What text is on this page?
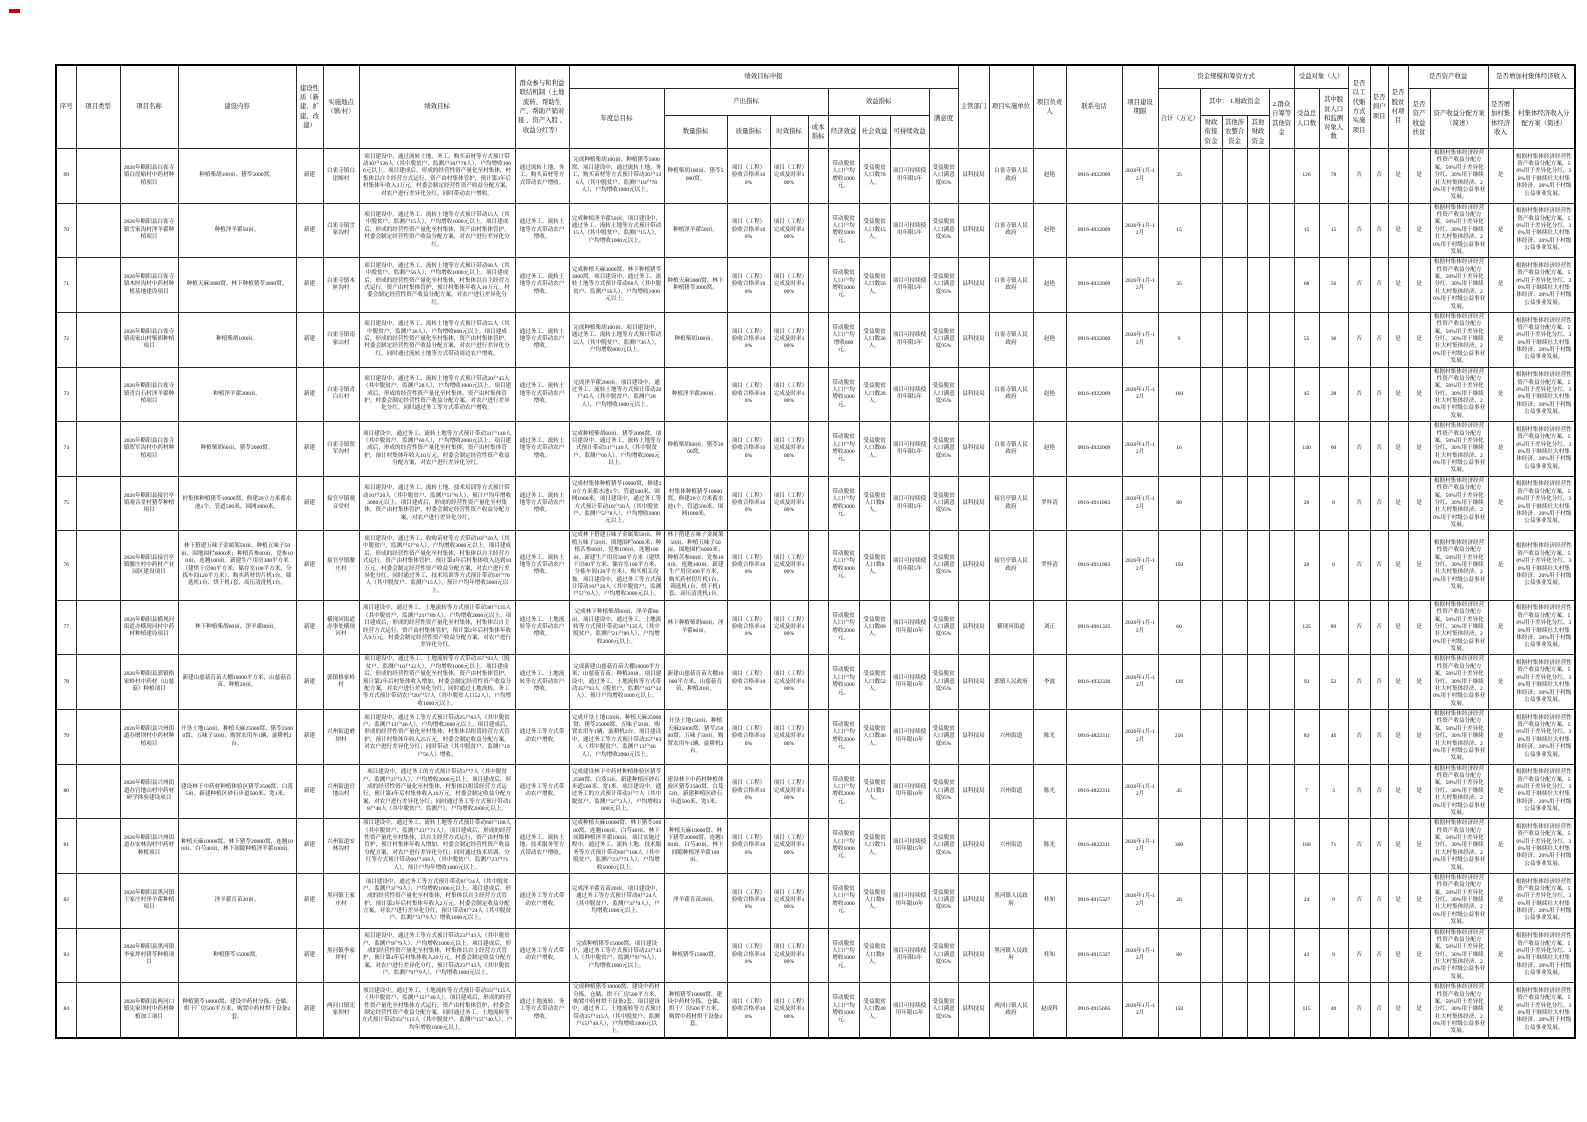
序号	项目类型	项目名称	建设内容	建设性质（新建、扩建、改建）	实施地点（镇/村）	绩效目标	群众参与和利益联结机制（土地流转、帮助生产、帮助产销对接 、资产入股 、收益分红等）	绩效目标申报									主管部门	项目实施单位	项目负责人	联系电话	项目建设期限	资金规模和筹资方式					受益对象（人）		是否以工代赈方式实施项目	是否到户项目	是否脱贫村项目	是否资产收益		是否增加村集体经济收入	
								年度总目标	产出指标				效益指标			满意度						合计（万元）	其中： 1.财政资金			2.群众自筹等其他资金	受益总人口数	其中脱贫人口和监测对象人数				是否资产收益扶贫	资产收益分配方案（简述）	是否增加村集体经济收入	村集体经济收入分配方案（简述）
									数量指标	质量指标	时效指标	成本指标	经济效益	社会效益	可持续效益								财政衔接资金	其他涉农整合资金	其他财政资金										
69		2026年略阳县白雀寺镇白崖峪村中药材种植项目	种植柴胡100亩、猪苓5000窝。	新建	白雀寺镇白崖峪村	项目建设中，通过流转土地、务工、购买苗材等方式预计带动30户126人（其中脱贫户、监测户18户78人），户均增收1000元以上。项目建成后，形成的经营性资产量化至村集体，村集体以自主经营方式运行，资产由村集体管护，预计第3年后村集体年收入3万元。村委会制定经营性资产收益分配方案，对农户进行差异化分红，同时带动农户增收。	通过流转土地、务工、购买苗材等方式带动农户增收。	完成种植柴胡100亩、种植猪苓5000窝，项目建设中，通过流转土地、务工、购买苗材等方式预计带动30户126人（其中脱贫户、监测户18户78人），户均增收1000元以上。	种植柴胡100亩、猪苓5000窝。	项目（工程）验收合格率100%	项目（工程）完成及时率100%		带动脱贫人口户均增收1000元。	受益脱贫人口数78人。	项目可持续使用年限5年	受益脱贫人口满意度95%	县科技局	白雀寺镇人民政府	赵艳	0916-4922009	2026年1月-12月	35					126	78	否	否	是	是	根据村集体经济经营性资产收益分配方案，50%用于差异化分红、30%用于继续壮大村集体经济、20%用于村级公益事业发展。	是	根据村集体经济经营性资产收益分配方案，50%用于差异化分红、30%用于继续壮大村集体经济、20%用于村级公益事业发展。
70		2026年略阳县白雀寺镇雪家沟村淫羊藿种植项目	种植淫羊藿50亩。	新建	白雀寺镇雪家沟村	项目建设中，通过务工、流转土地等方式预计带动15人（其中脱贫户、监测户15人），户均增收1000元以上。项目建成后，形成的经营性资产量化至村集体，资产由村集体管护，村委会制定经营性资产收益分配方案，对农户进行差异化分红。	通过务工、流转土地等方式带动农户增收。	完成种植淫羊藿50亩。项目建设中，通过务工、流转土地等方式预计带动15人（其中脱贫户、监测户15人），户均增收1000元以上。	种植淫羊藿50亩。	项目（工程）验收合格率100%	项目（工程）完成及时率100%		带动脱贫人口户均增收1000元。	受益脱贫人口数15人。	项目可持续使用年限5年	受益脱贫人口满意度95%	县科技局	白雀寺镇人民政府	赵艳	0916-4922009	2026年1月-12月	15					15	15	否	否	是	是	根据村集体经济经营性资产收益分配方案，50%用于差异化分红、30%用于继续壮大村集体经济、20%用于村级公益事业发展。	是	根据村集体经济经营性资产收益分配方案，50%用于差异化分红、30%用于继续壮大村集体经济、20%用于村级公益事业发展。
71		2026年略阳县白雀寺镇木匣沟村中药材种植基地建设项目	种植天麻3000窝、林下种植猪苓3000窝。	新建	白雀寺镇木匣沟村	项目建设中，通过务工、流转土地等方式预计带动68人（其中脱贫户、监测户56人），户均增收1000元以上。项目建成后，形成的经营性资产量化至村集体，村集体以自主经营方式运行，资产由村集体管护，预计村集体年收入10万元。村委会制定经营性资产收益分配方案，对农户进行差异化分红。	通过务工、流转土地等方式带动农户增收。	完成种植天麻3000窝、林下种植猪苓3000窝。项目建设中，通过务工、流转土地等方式预计带动68人（其中脱贫户、监测户56人），户均增收1000元以上。	种植天麻3000窝、林下种植猪苓3000窝。	项目（工程）验收合格率100%	项目（工程）完成及时率100%		带动脱贫人口户均增收1000元。	受益脱贫人口数56人。	项目可持续使用年限5年	受益脱贫人口满意度95%	县科技局	白雀寺镇人民政府	赵艳	0916-4922009	2026年1月-12月	35					68	56	否	否	是	是	根据村集体经济经营性资产收益分配方案，50%用于差异化分红、30%用于继续壮大村集体经济、20%用于村级公益事业发展。	是	根据村集体经济经营性资产收益分配方案，50%用于差异化分红、30%用于继续壮大村集体经济、20%用于村级公益事业发展。
72		2026年略阳县白雀寺镇南家山村柴胡种植项目	种植柴胡100亩。	新建	白雀寺镇南家山村	项目建设中，通过务工、流转土地等方式预计带动55人（其中脱贫户、监测户36人），户均增收800元以上。项目建成后，形成的经营性资产量化至村集体，资产由村集体管护，村委会制定经营性资产收益分配方案，对农户进行差异化分红。同时通过流转土地等方式带动周边农户增收。	通过务工、流转土地等方式带动农户增收。	完成种植柴胡100亩。项目建设中，通过务工、流转土地等方式预计带动55人（其中脱贫户、监测户36人），户均增收800元以上。	种植柴胡100亩。	项目（工程）验收合格率100%	项目（工程）完成及时率100%		带动脱贫人口户均增收800元。	受益脱贫人口数36人。	项目可持续使用年限5年	受益脱贫人口满意度95%	县科技局	白雀寺镇人民政府	赵艳	0916-4922009	2026年1月-12月	9					55	36	否	否	是	是	根据村集体经济经营性资产收益分配方案，50%用于差异化分红、30%用于继续壮大村集体经济、20%用于村级公益事业发展。	是	根据村集体经济经营性资产收益分配方案，50%用于差异化分红、30%用于继续壮大村集体经济、20%用于村级公益事业发展。
73		2026年略阳县白雀寺镇青白石村淫羊藿种植项目	种植淫羊藿200亩。	新建	白雀寺镇青白石村	项目建设中，通过务工、流转土地等方式预计带动20户45人（其中脱贫户、监测户28人），户均增收1000元以上。项目建成后，形成的经营性资产量化至村集体，资产由村集体管护，村委会制定经营性资产收益分配方案，对农户进行差异化分红。同时通过务工等方式带动农户增收。	通过务工、流转土地等方式带动农户增收。	完成淫羊藿200亩。项目建设中，通过务工、流转土地等方式预计带动20户45人（其中脱贫户、监测户28人），户均增收1000元以上。	种植淫羊藿200亩。	项目（工程）验收合格率100%	项目（工程）完成及时率100%		带动脱贫人口户均增收1000元。	受益脱贫人口数28人。	项目可持续使用年限5年	受益脱贫人口满意度95%	县科技局	白雀寺镇人民政府	赵艳	0916-4922009	2026年1月-12月	160					45	28	否	否	是	是	根据村集体经济经营性资产收益分配方案，50%用于差异化分红、30%用于继续壮大村集体经济、20%用于村级公益事业发展。	是	根据村集体经济经营性资产收益分配方案，50%用于差异化分红、30%用于继续壮大村集体经济、20%用于村级公益事业发展。
74		2026年略阳县白雀寺镇贺军沟村中药材种植项目	种植柴胡60亩、猪苓2000窝。	新建	白雀寺镇贺军沟村	项目建设中，通过务工、流转土地等方式预计带动31户140人（其中脱贫户、监测户60人），户均增收2000元以上。项目建成后，形成的经营性资产量化至村集体，资产由村集体管护，预计村集体年收入10万元。村委会制定经营性资产收益分配方案，对农户进行差异化分红。	通过务工、流转土地等方式带动农户增收。	完成种植柴胡60亩、猪苓2000窝。项目建设中，通过务工、流转土地等方式预计带动31户140人（其中脱贫户、监测户60人），户均增收2000元以上。	种植柴胡60亩、猪苓2000窝。	项目（工程）验收合格率100%	项目（工程）完成及时率100%		带动脱贫人口户均增收2000元。	受益脱贫人口数60人。	项目可持续使用年限5年	受益脱贫人口满意度95%	县科技局	白雀寺镇人民政府	赵艳	0916-4922009	2026年1月-12月	16					140	60	否	否	是	是	根据村集体经济经营性资产收益分配方案，50%用于差异化分红、30%用于继续壮大村集体经济、20%用于村级公益事业发展。	是	根据村集体经济经营性资产收益分配方案，50%用于差异化分红、30%用于继续壮大村集体经济、20%用于村级公益事业发展。
75		2026年略阳县接官亭镇观音堂村猪苓种植项目	村集体种植猪苓10000窝，修建20立方米蓄水池1个、管道500米、围网1000米。	新建	接官亭镇观音堂村	项目建设中，通过务工、流转土地、技术培训等方式预计带动10户20人（其中脱贫户、监测户5户8人），预计户均年增收3000元以上。项目建成后，形成的经营性资产量化至村集体，资产由村集体管护，村委会制定经营性资产收益分配方案，对农户进行差异化分红。	通过务工、流转土地等方式带动农户增收。	完成村集体种植猪苓10000窝，修建20立方米蓄水池1个、管道500米、围网1000米。项目建设中，通过务工等方式预计带动10户20人（其中脱贫户、监测户5户8人），户均增收3000元以上。	村集体种植猪苓10000窝，修建20立方米蓄水池1个、管道500米、围网1000米。	项目（工程）验收合格率100%	项目（工程）完成及时率100%		带动脱贫人口户均增收3000元。	受益脱贫人口数8人。	项目可持续使用年限5年	受益脱贫人口满意度95%	县科技局	接官亭镇人民政府	罗怀清	0916-4911003	2026年1月-12月	80					20	8	否	否	是	是	根据村集体经济经营性资产收益分配方案，50%用于差异化分红、30%用于继续壮大村集体经济、20%用于村级公益事业发展。	是	根据村集体经济经营性资产收益分配方案，50%用于差异化分红、30%用于继续壮大村集体经济、20%用于村级公益事业发展。
76		2026年略阳县接官亭镇腰庄村中药材产业园区建设项目	林下搭建五味子金属架50亩、种植五味子50亩、围地围栏6000米；种植苦参60亩、党参100亩、连翘100亩。新建生产用房300平方米（建烘干房80平方米、储存室100平方米、分拣车间120平方米）、购买药材切片机1台、筛选机1台、烘干机1套、高压清洗机1台。	新建	接官亭镇腰庄村	项目建设中，通过务工、收购苗材等方式带动10户20人（其中脱贫户、监测户5户8人），户均增收3000元以上。项目建成后，形成的经营性资产量化至村集体，村集体以自主经营方式运行，资产由村集体管护，预计第4年后村集体收入达到10万元。村委会制定经营性资产收益分配方案，对农户进行差异化分红。同时通过务工、技术培训等方式预计带动50户70人（其中脱贫户、监测户15人），预计户均年增收3000元以上。	通过务工、流转土地等方式带动农户增收。	完成林下搭建五味子金属架50亩、种植五味子50亩、围地围栏6000米；种植苦参60亩、党参100亩、连翘100亩。新建生产用房300平方米（建烘干房80平方米、储存室100平方米、分拣车间120平方米）、购买相关设备。项目建设中，通过务工等方式预计带动10户20人（其中脱贫户、监测户5户8人），户均增收3000元以上。	林下搭建五味子金属架50亩、种植五味子50亩、围地围栏6000米；种植苦参60亩、党参100亩、连翘100亩。新建生产用房300平方米、购买药材切片机1台、筛选机1台、烘干机1套、高压清洗机1台。	项目（工程）验收合格率100%	项目（工程）完成及时率100%		带动脱贫人口户均增收3000元。	受益脱贫人口数8人。	项目可持续使用年限5年	受益脱贫人口满意度95%	县科技局	接官亭镇人民政府	罗怀清	0916-4911003	2026年1月-12月	150					20	8	否	否	是	是	根据村集体经济经营性资产收益分配方案，50%用于差异化分红、30%用于继续壮大村集体经济、20%用于村级公益事业发展。	是	根据村集体经济经营性资产收益分配方案，50%用于差异化分红、30%用于继续壮大村集体经济、20%用于村级公益事业发展。
77		2026年略阳县横现河街道办横现河村中药材种植建设项目	林下种植柴胡60亩、淫羊藿80亩。	新建	横现河街道办事处横现河村	项目建设中，通过务工、土地流转等方式预计带动38户135人（其中脱贫户、监测户21户89人），户均增收2000元以上。项目建成后，形成的经营性资产量化至村集体，村集体以自主经营方式运行，资产由村集体管护，预计第2年后村集体年收入9万元。村委会制定经营性资产收益分配方案，对农户进行差异化分红。	通过务工、土地流转等方式带动农户增收。	完成林下种植柴胡60亩、淫羊藿80亩。项目建设中，通过务工、土地流转等方式预计带动38户135人（其中脱贫户、监测户21户89人），户均增收2000元以上。	林下种植柴胡60亩、淫羊藿80亩。	项目（工程）验收合格率100%	项目（工程）完成及时率100%		带动脱贫人口户均增收2000元。	受益脱贫人口数89人。	项目可持续使用年限10年	受益脱贫人口满意度95%	县科技局	横现河街道	刘正	0916-4961325	2026年1月-12月	60					135	89	否	否	是	是	根据村集体经济经营性资产收益分配方案，50%用于差异化分红、30%用于继续壮大村集体经济、20%用于村级公益事业发展。	是	根据村集体经济经营性资产收益分配方案，50%用于差异化分红、30%用于继续壮大村集体经济、20%用于村级公益事业发展。
78		2026年略阳县郭镇格家岭村中药材（山慈菇）种植项目	新建山慈菇育苗大棚10000平方米，山慈菇育苗、种植20亩。	新建	郭镇格家岭村	项目建设中，通过务工、土地流转等方式带动35户93人（脱贫户、监测户10户32人），户均增收1000元以上。项目建成后，形成的经营性资产量化至村集体，资产由村集体管护，预计第2年后村集体收入增加。村委会制定经营性资产收益分配方案，对农户进行差异化分红。同时通过土地流转、务工等方式预计带动农户20户57人（其中脱贫人口52人），户均增收1000元以上。	通过务工、土地流转等方式带动农户增收。	完成新建山慈菇育苗大棚10000平方米、山慈菇育苗、种植20亩。项目建设中，通过务工、土地流转等方式带动35户93人（脱贫户、监测户10户32人），预计户均增收1000元以上。	新建山慈菇育苗大棚10000平方米、山慈菇育苗、种植20亩。	项目（工程）验收合格率100%	项目（工程）完成及时率100%		带动脱贫人口户均增收1000元。	受益脱贫人口数52人。	项目可持续使用年限10年	受益脱贫人口满意度95%	县科技局	郭镇人民政府	李波	0916-4932330	2026年1月-12月	120					93	52	否	否	是	是	根据村集体经济经营性资产收益分配方案，50%用于差异化分红、30%用于继续壮大村集体经济、20%用于村级公益事业发展。	是	根据村集体经济经营性资产收益分配方案，50%用于差异化分红、30%用于继续壮大村集体经济、20%用于村级公益事业发展。
79		2026年略阳县兴州街道办磨坝村中药材种植项目	开垦土地150亩，种植天麻25000窝、猪苓25000窝、五味子50亩，购置农用车1辆、旋耕机2台。	新建	兴州街道磨坝村	项目建设中，通过务工等方式预计带动25户83人（其中脱贫户、监测户13户46人），户均增收2000元以上。项目建成后，形成的经营性资产量化至村集体，村集体以租赁经营方式管护，预计村集体年收入25万元。村委会制定收益分配方案，对农户进行差异化分红；同时带动（其中脱贫户、监测户19户56人）增收。	通过务工等方式带动农户增收。	完成开垦土地150亩、种植天麻25000窝、猪苓25000窝、五味子50亩、购置农用车1辆、旋耕机2台。项目建设中，通过务工等方式预计带动25户83人（其中脱贫户、监测户13户46人），户均增收2000元以上。	开垦土地150亩、种植天麻25000窝、猪苓25000窝、五味子50亩，购置农用车1辆、旋耕机2台。	项目（工程）验收合格率100%	项目（工程）完成及时率100%		带动脱贫人口户均增收2000元。	受益脱贫人口数46人。	项目可持续使用年限10年	受益脱贫人口满意度95%	县科技局	兴州街道	陈光	0916-4822311	2026年1月-12月	250					83	46	否	否	是	是	根据村集体经济经营性资产收益分配方案，50%用于差异化分红、30%用于继续壮大村集体经济、20%用于村级公益事业发展。	是	根据村集体经济经营性资产收益分配方案，50%用于差异化分红、30%用于继续壮大村集体经济、20%用于村级公益事业发展。
80		2026年略阳县兴州街道办官地山村中药材研学体验建设项目	建设林下中药材种植体验区猪苓2500窝、白芨5亩。新建种植区砂石步道500米、宽1米。	新建	兴州街道官地山村	项目建设中，通过务工的方式预计带动3户7人（其中脱贫户、监测户2户3人），户均增收2000元以上。项目建成后，形成的经营性资产量化至村集体，村集体以租赁经营方式运行，预计第4年后村集体收入10万元。村委会制定收益分配方案，对农户进行差异化分红；同时通过务工等方式预计带动18户48人（其中脱贫户、监测户），户均增收2000元以上。	通过务工等方式带动农户增收。	完成建设林下中药材种植体验区猪苓2500窝、白芨5亩、新建种植区砂石步道500米、宽1米。项目建设中，通过务工的方式预计带动3户7人（其中脱贫户、监测户2户3人），户均增收2000元以上。	建设林下中药材种植体验区猪苓2500窝、白芨5亩。新建种植区砂石步道500米、宽1米。	项目（工程）验收合格率100%	项目（工程）完成及时率100%		带动脱贫人口户均增收2000元。	受益脱贫人口数3人。	项目可持续使用年限10年	受益脱贫人口满意度95%	县科技局	兴州街道	陈光	0916-4822311	2026年1月-12月	45					7	3	否	否	是	是	根据村集体经济经营性资产收益分配方案，50%用于差异化分红、30%用于继续壮大村集体经济、20%用于村级公益事业发展。	是	根据村集体经济经营性资产收益分配方案，50%用于差异化分红、30%用于继续壮大村集体经济、20%用于村级公益事业发展。
81		2026年略阳县兴州街道办安林沟村中药材种植项目	种植天麻10000窝、林下猪苓20000窝、连翘100亩、白芍40亩，林下间隙种植淫羊藿100亩。	新建	兴州街道安林沟村	项目建设中，通过务工、流转土地等方式预计带动60户168人（其中脱贫户、监测户23户71人）。项目建成后，形成的经营性资产量化至村集体，以自主经营方式运行，资产由村集体管护，预计村集体年收入增加。村委会制定经营性资产收益分配方案，对农户进行差异化分红；同时通过技术培训、分红等方式预计带动60户168人（其中脱贫户、监测户23户71人），预计户均年增收1000元以上。	通过务工、流转土地、技术服务等方式带动农户增收。	完成种植天麻10000窝、林下猪苓20000窝、连翘100亩、白芍40亩、林下间隙种植淫羊藿100亩。项目实施过程中，通过务工、流转土地、技术服务等方式预计带动60户168人（其中脱贫户、监测户23户71人），户均增收1000元以上。	种植天麻10000窝、林下猪苓20000窝、连翘100亩、白芍40亩、林下间隙种植淫羊藿100亩。	项目（工程）验收合格率100%	项目（工程）完成及时率100%		带动脱贫人口户均增收1000元。	受益脱贫人口数71人。	项目可持续使用年限15年	受益脱贫人口满意度95%	县科技局	兴州街道	陈光	0916-4822311	2026年1月-12月	300					168	71	否	否	是	是	根据村集体经济经营性资产收益分配方案，50%用于差异化分红、30%用于继续壮大村集体经济、20%用于村级公益事业发展。	是	根据村集体经济经营性资产收益分配方案，50%用于差异化分红、30%用于继续壮大村集体经济、20%用于村级公益事业发展。
82		2026年略阳县黑河镇王家庄村淫羊藿种植项目	淫羊藿育苗20亩。	新建	黑河镇王家庄村	项目建设中，通过务工等方式预计带动8户24人（其中脱贫户、监测户3户9人），户均增收1000元以上。项目建成后，形成的经营性资产量化至村集体，村集体以自主经营方式管护，预计第2年后村集体年收入2万元。村委会制定收益分配方案，对农户进行差异化分红，预计带动8户24人（其中脱贫户、监测户3户9人）增收1000元以上。	通过务工等方式带动农户增收。	完成淫羊藿育苗20亩。项目建设中，通过务工等方式预计带动8户24人（其中脱贫户、监测户3户9人），户均增收1000元以上。	淫羊藿育苗20亩。	项目（工程）验收合格率100%	项目（工程）完成及时率100%		带动脱贫人口户均增收1000元。	受益脱贫人口数9人。	项目可持续使用年限10年	受益脱贫人口满意度95%	县科技局	黑河镇人民政府	桂知	0916-4915327	2026年1月-12月	20					24	9	否	否	是	是	根据村集体经济经营性资产收益分配方案，50%用于差异化分红、30%用于继续壮大村集体经济、20%用于村级公益事业发展。	是	根据村集体经济经营性资产收益分配方案，50%用于差异化分红、30%用于继续壮大村集体经济、20%用于村级公益事业发展。
83		2026年略阳县黑河镇李家坪村猪苓种植项目	种植猪苓15000窝。	新建	黑河镇李家坪村	项目建设中，通过务工等方式预计带动23户43人（其中脱贫户、监测户9户9人），户均增收1000元以上。项目建成后，形成的经营性资产量化至村集体，村集体以自主经营方式管护，预计第4年后村集体收入20万元。村委会制定收益分配方案，对农户进行差异化分红，预计带动23户43人（其中脱贫户、监测户9户9人），户均增收1000元以上。	通过务工等方式带动农户增收。	完成种植猪苓15000窝。项目建设中，通过务工等方式预计带动23户43人（其中脱贫户、监测户9户9人），户均增收1000元以上。	种植猪苓15000窝。	项目（工程）验收合格率100%	项目（工程）完成及时率100%		带动脱贫人口户均增收1000元。	受益脱贫人口数9人。	项目可持续使用年限5年	受益脱贫人口满意度95%	县科技局	黑河镇人民政府	桂知	0916-4915327	2026年1月-12月	80					43	9	否	否	是	是	根据村集体经济经营性资产收益分配方案，50%用于差异化分红、30%用于继续壮大村集体经济、20%用于村级公益事业发展。	是	根据村集体经济经营性资产收益分配方案，50%用于差异化分红、30%用于继续壮大村集体经济、20%用于村级公益事业发展。
84		2026年略阳县两河口镇宪家坝村中药材种植加工项目	种植猪苓10000窝、建设中药材分拣、仓储、烘干厂房500平方米，购置中药材烘干设备2套。	新建	两河口镇宪家坝村	项目建设中，通过务工、土地流转等方式预计带动35户115人（其中脱贫户、监测户15户40人）。项目建成后，形成的经营性资产量化至村集体方式运行，资产由村集体管护，村委会制定经营性资产收益分配方案。同时通过务工、土地流转等方式预计带动35户115人（其中脱贫户、监测户15户40人），户均年增收1000元以上。	通过土地流转、务工等方式带动农户增收。	完成种植猪苓10000窝、建设中药材分拣、仓储、烘干厂房500平方米、购置中药材烘干设备2套。项目建设中，通过务工、土地流转等方式预计带动35户115人（其中脱贫户、监测户15户40人），户均增收1000元以上。	种植猪苓10000窝、建设中药材分拣、仓储、烘干厂房500平方米，购置中药材烘干设备2套。	项目（工程）验收合格率100%	项目（工程）完成及时率100%		带动脱贫人口户均增收1000元。	受益脱贫人口数40人。	项目可持续使用年限15年	受益脱贫人口满意度95%	县科技局	两河口镇人民政府	赵成科	0916-4915665	2026年1月-12月	150					115	40	否	否	是	是	根据村集体经济经营性资产收益分配方案，50%用于差异化分红、30%用于继续壮大村集体经济、20%用于村级公益事业发展。	是	根据村集体经济经营性资产收益分配方案，50%用于差异化分红、30%用于继续壮大村集体经济、20%用于村级公益事业发展。
